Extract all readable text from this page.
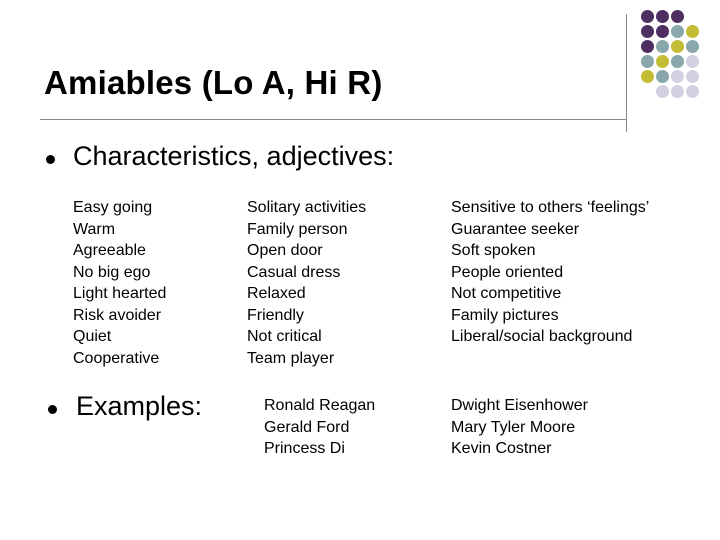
Amiables (Lo A, Hi R)
Characteristics, adjectives:
Easy going
Warm
Agreeable
No big ego
Light hearted
Risk avoider
Quiet
Cooperative
Solitary activities
Family person
Open door
Casual dress
Relaxed
Friendly
Not critical
Team player
Sensitive to others ‘feelings’
Guarantee seeker
Soft spoken
People oriented
Not competitive
Family pictures
Liberal/social background
Examples:	Ronald Reagan
Gerald Ford
Princess Di
Dwight Eisenhower
Mary Tyler Moore
Kevin Costner
